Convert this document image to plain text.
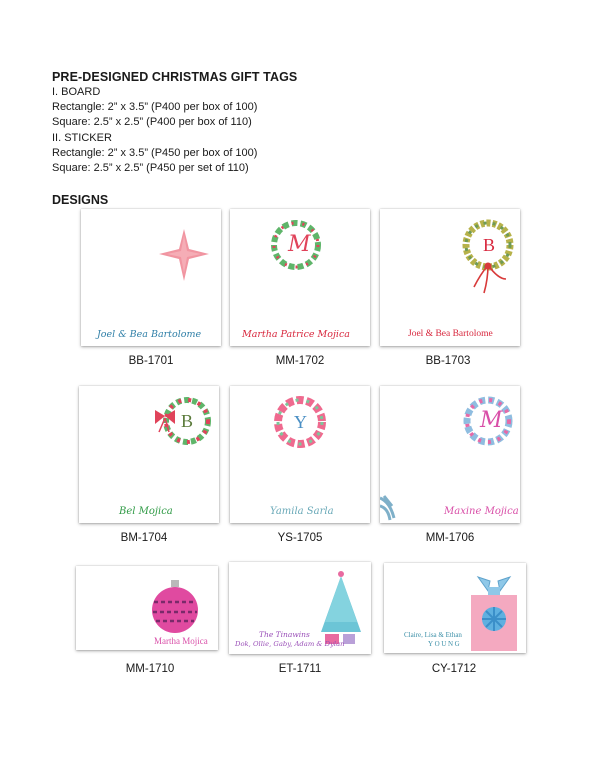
PRE-DESIGNED CHRISTMAS GIFT TAGS
I. BOARD
Rectangle: 2” x 3.5” (P400 per box of 100)
Square: 2.5” x 2.5” (P400 per box of 110)
II. STICKER
Rectangle: 2” x 3.5” (P450 per box of 100)
Square: 2.5” x 2.5” (P450 per set of 110)
DESIGNS
Joel & Bea Bartolome
BB-1701
M
Martha Patrice Mojica
MM-1702
B
Joel & Bea Bartolome
BB-1703
B
Bel Mojica
BM-1704
Y
Yamila Sarla
YS-1705
M
Maxine Mojica
MM-1706
Martha Mojica
MM-1710
The Tinawins
Dok, Ollie, Gaby, Adam & Dylan
ET-1711
Claire, Lisa & Ethan
YOUNG
CY-1712
